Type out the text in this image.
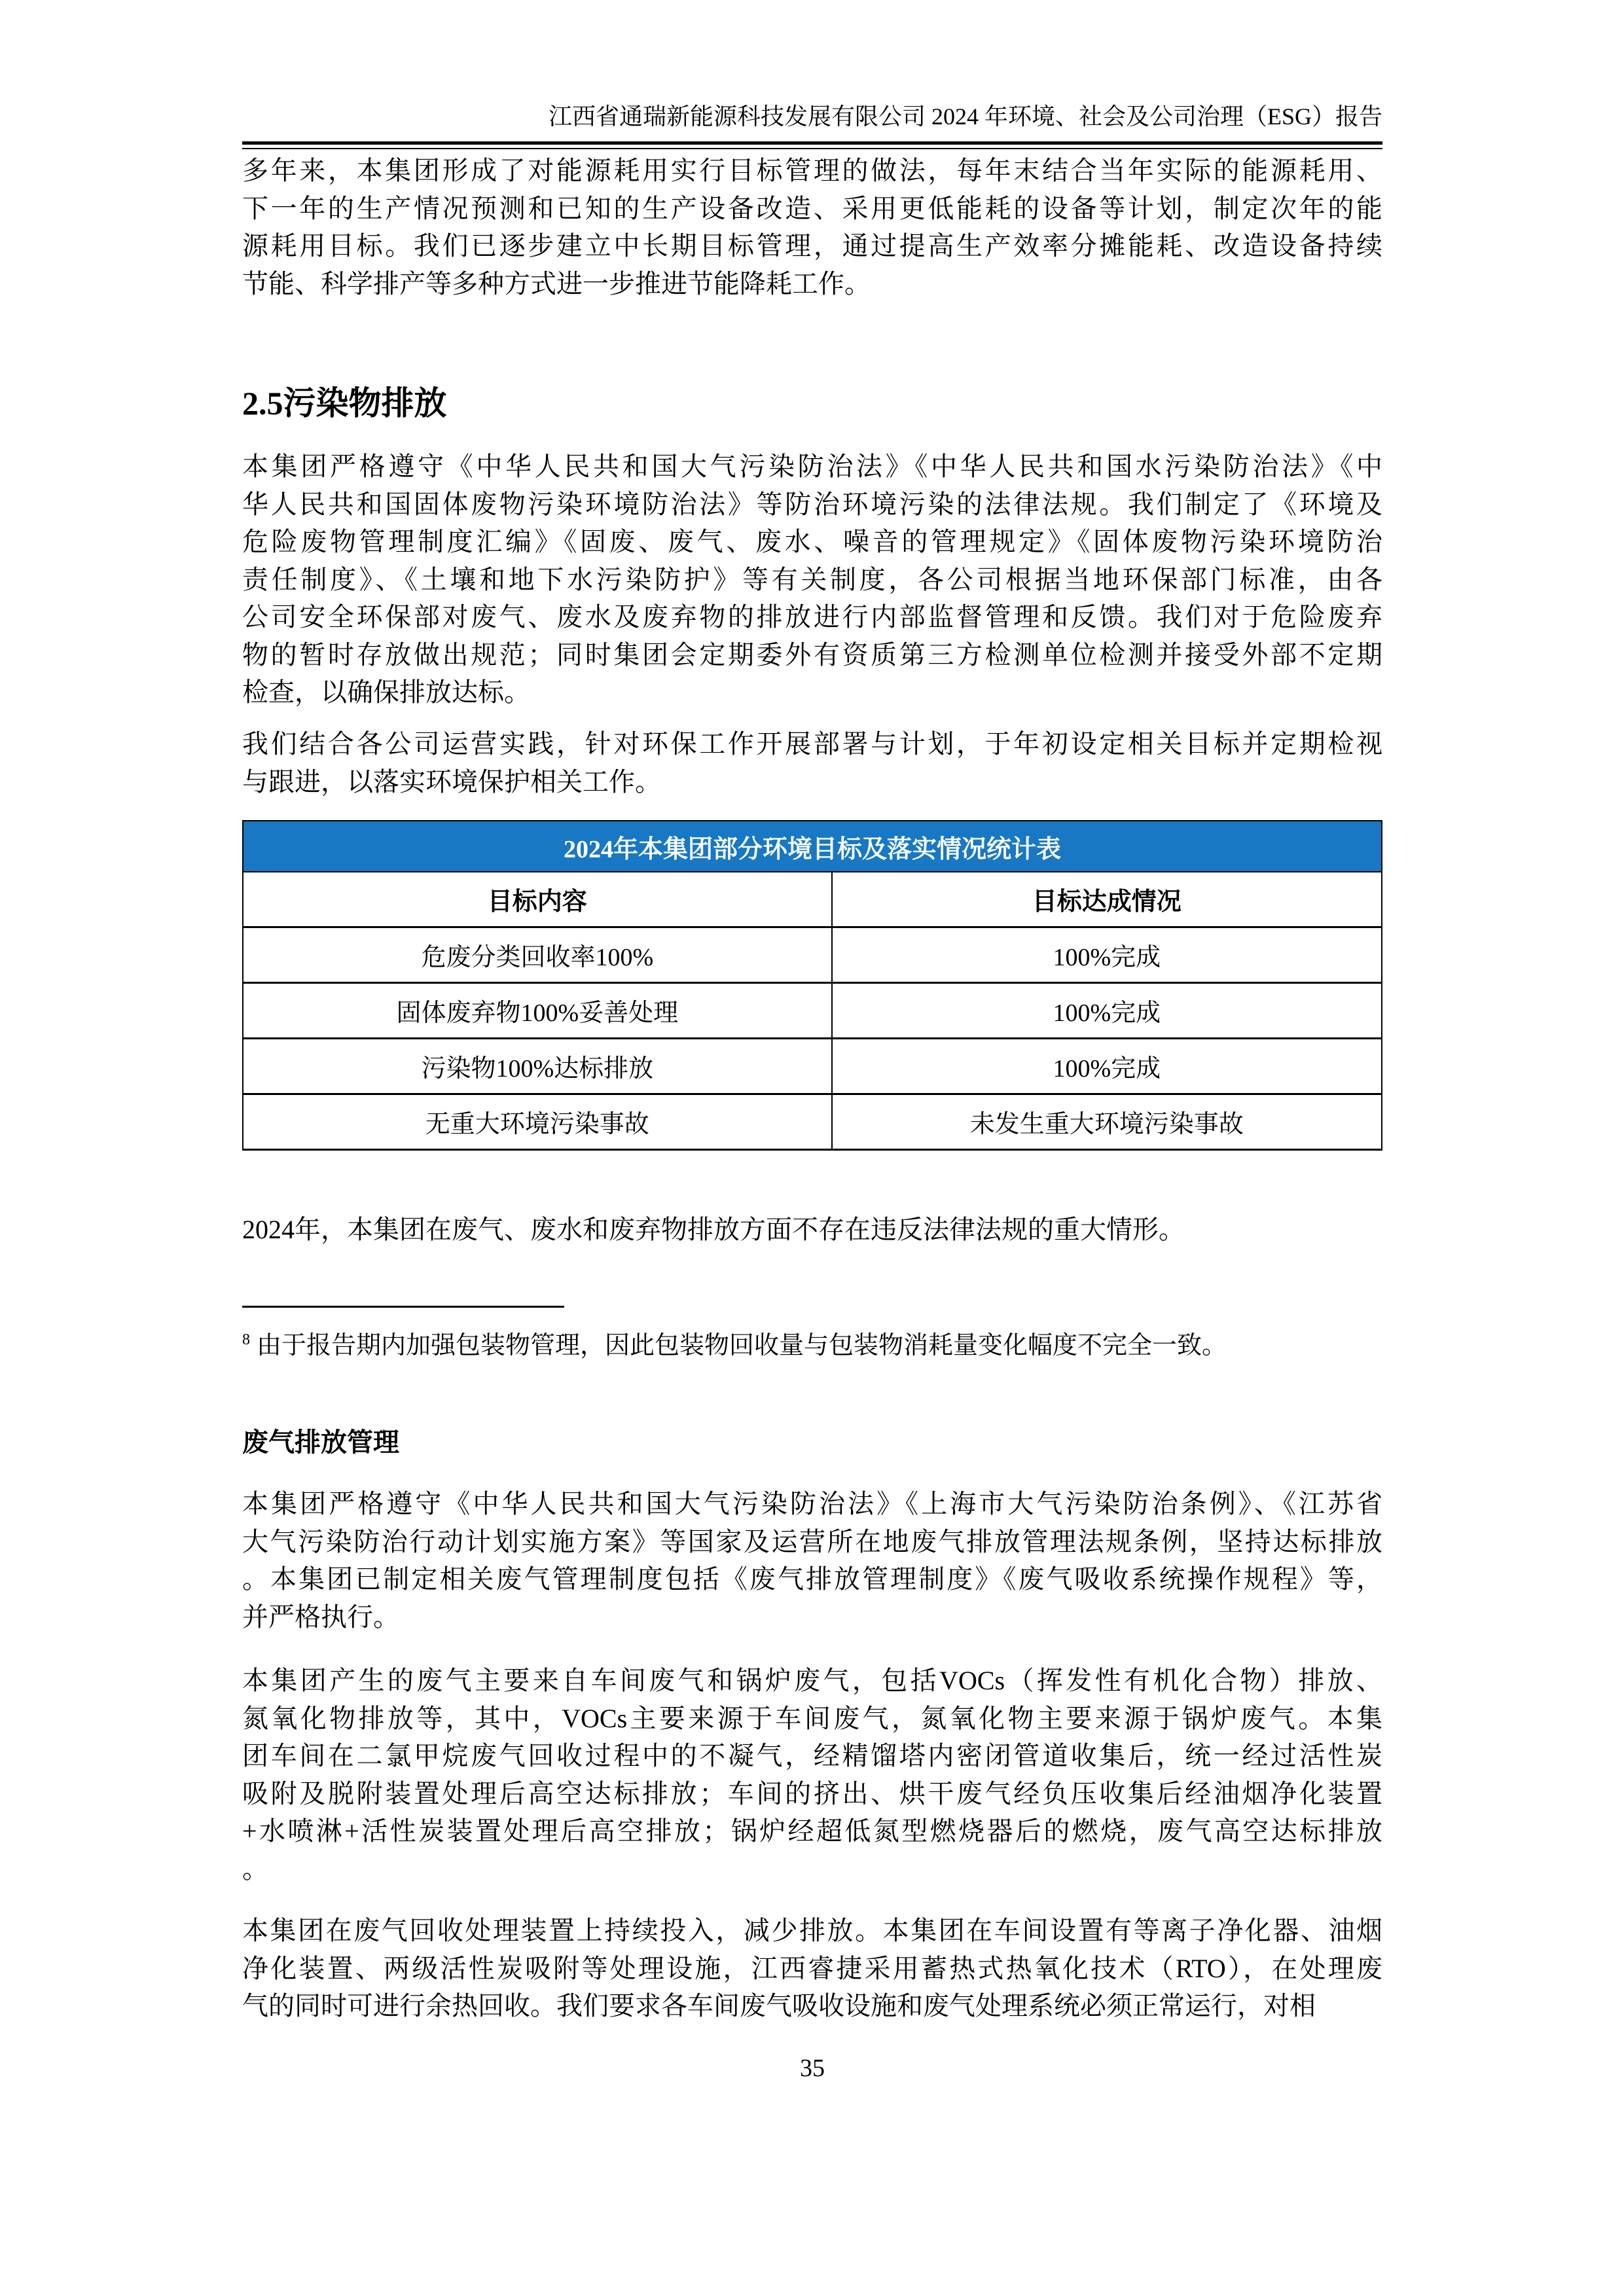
江西省通瑞新能源科技发展有限公司 2024 年环境、社会及公司治理（ESG）报告
多年来，本集团形成了对能源耗用实行目标管理的做法，每年末结合当年实际的能源耗用、
下一年的生产情况预测和已知的生产设备改造、采用更低能耗的设备等计划，制定次年的能
源耗用目标。我们已逐步建立中长期目标管理，通过提高生产效率分摊能耗、改造设备持续
节能、科学排产等多种方式进一步推进节能降耗工作。
2.5污染物排放
本集团严格遵守《中华人民共和国大气污染防治法》《中华人民共和国水污染防治法》《中
华人民共和国固体废物污染环境防治法》等防治环境污染的法律法规。我们制定了《环境及
危险废物管理制度汇编》《固废、废气、废水、噪音的管理规定》《固体废物污染环境防治
责任制度》、《土壤和地下水污染防护》等有关制度，各公司根据当地环保部门标准，由各
公司安全环保部对废气、废水及废弃物的排放进行内部监督管理和反馈。我们对于危险废弃
物的暂时存放做出规范；同时集团会定期委外有资质第三方检测单位检测并接受外部不定期
检查，以确保排放达标。
我们结合各公司运营实践，针对环保工作开展部署与计划，于年初设定相关目标并定期检视
与跟进，以落实环境保护相关工作。
2024年本集团部分环境目标及落实情况统计表	
目标内容	目标达成情况
危废分类回收率100%	100%完成
固体废弃物100%妥善处理	100%完成
污染物100%达标排放	100%完成
无重大环境污染事故	未发生重大环境污染事故
2024年，本集团在废气、废水和废弃物排放方面不存在违反法律法规的重大情形。
$^8$ 由于报告期内加强包装物管理，因此包装物回收量与包装物消耗量变化幅度不完全一致。
废气排放管理
本集团严格遵守《中华人民共和国大气污染防治法》《上海市大气污染防治条例》、《江苏省
大气污染防治行动计划实施方案》等国家及运营所在地废气排放管理法规条例，坚持达标排放
。本集团已制定相关废气管理制度包括《废气排放管理制度》《废气吸收系统操作规程》等，
并严格执行。
本集团产生的废气主要来自车间废气和锅炉废气，包括VOCs（挥发性有机化合物）排放、
氮氧化物排放等，其中，VOCs主要来源于车间废气，氮氧化物主要来源于锅炉废气。本集
团车间在二氯甲烷废气回收过程中的不凝气，经精馏塔内密闭管道收集后，统一经过活性炭
吸附及脱附装置处理后高空达标排放；车间的挤出、烘干废气经负压收集后经油烟净化装置
+水喷淋+活性炭装置处理后高空排放；锅炉经超低氮型燃烧器后的燃烧，废气高空达标排放
。
本集团在废气回收处理装置上持续投入，减少排放。本集团在车间设置有等离子净化器、油烟
净化装置、两级活性炭吸附等处理设施，江西睿捷采用蓄热式热氧化技术（RTO），在处理废
气的同时可进行余热回收。我们要求各车间废气吸收设施和废气处理系统必须正常运行，对相
35
